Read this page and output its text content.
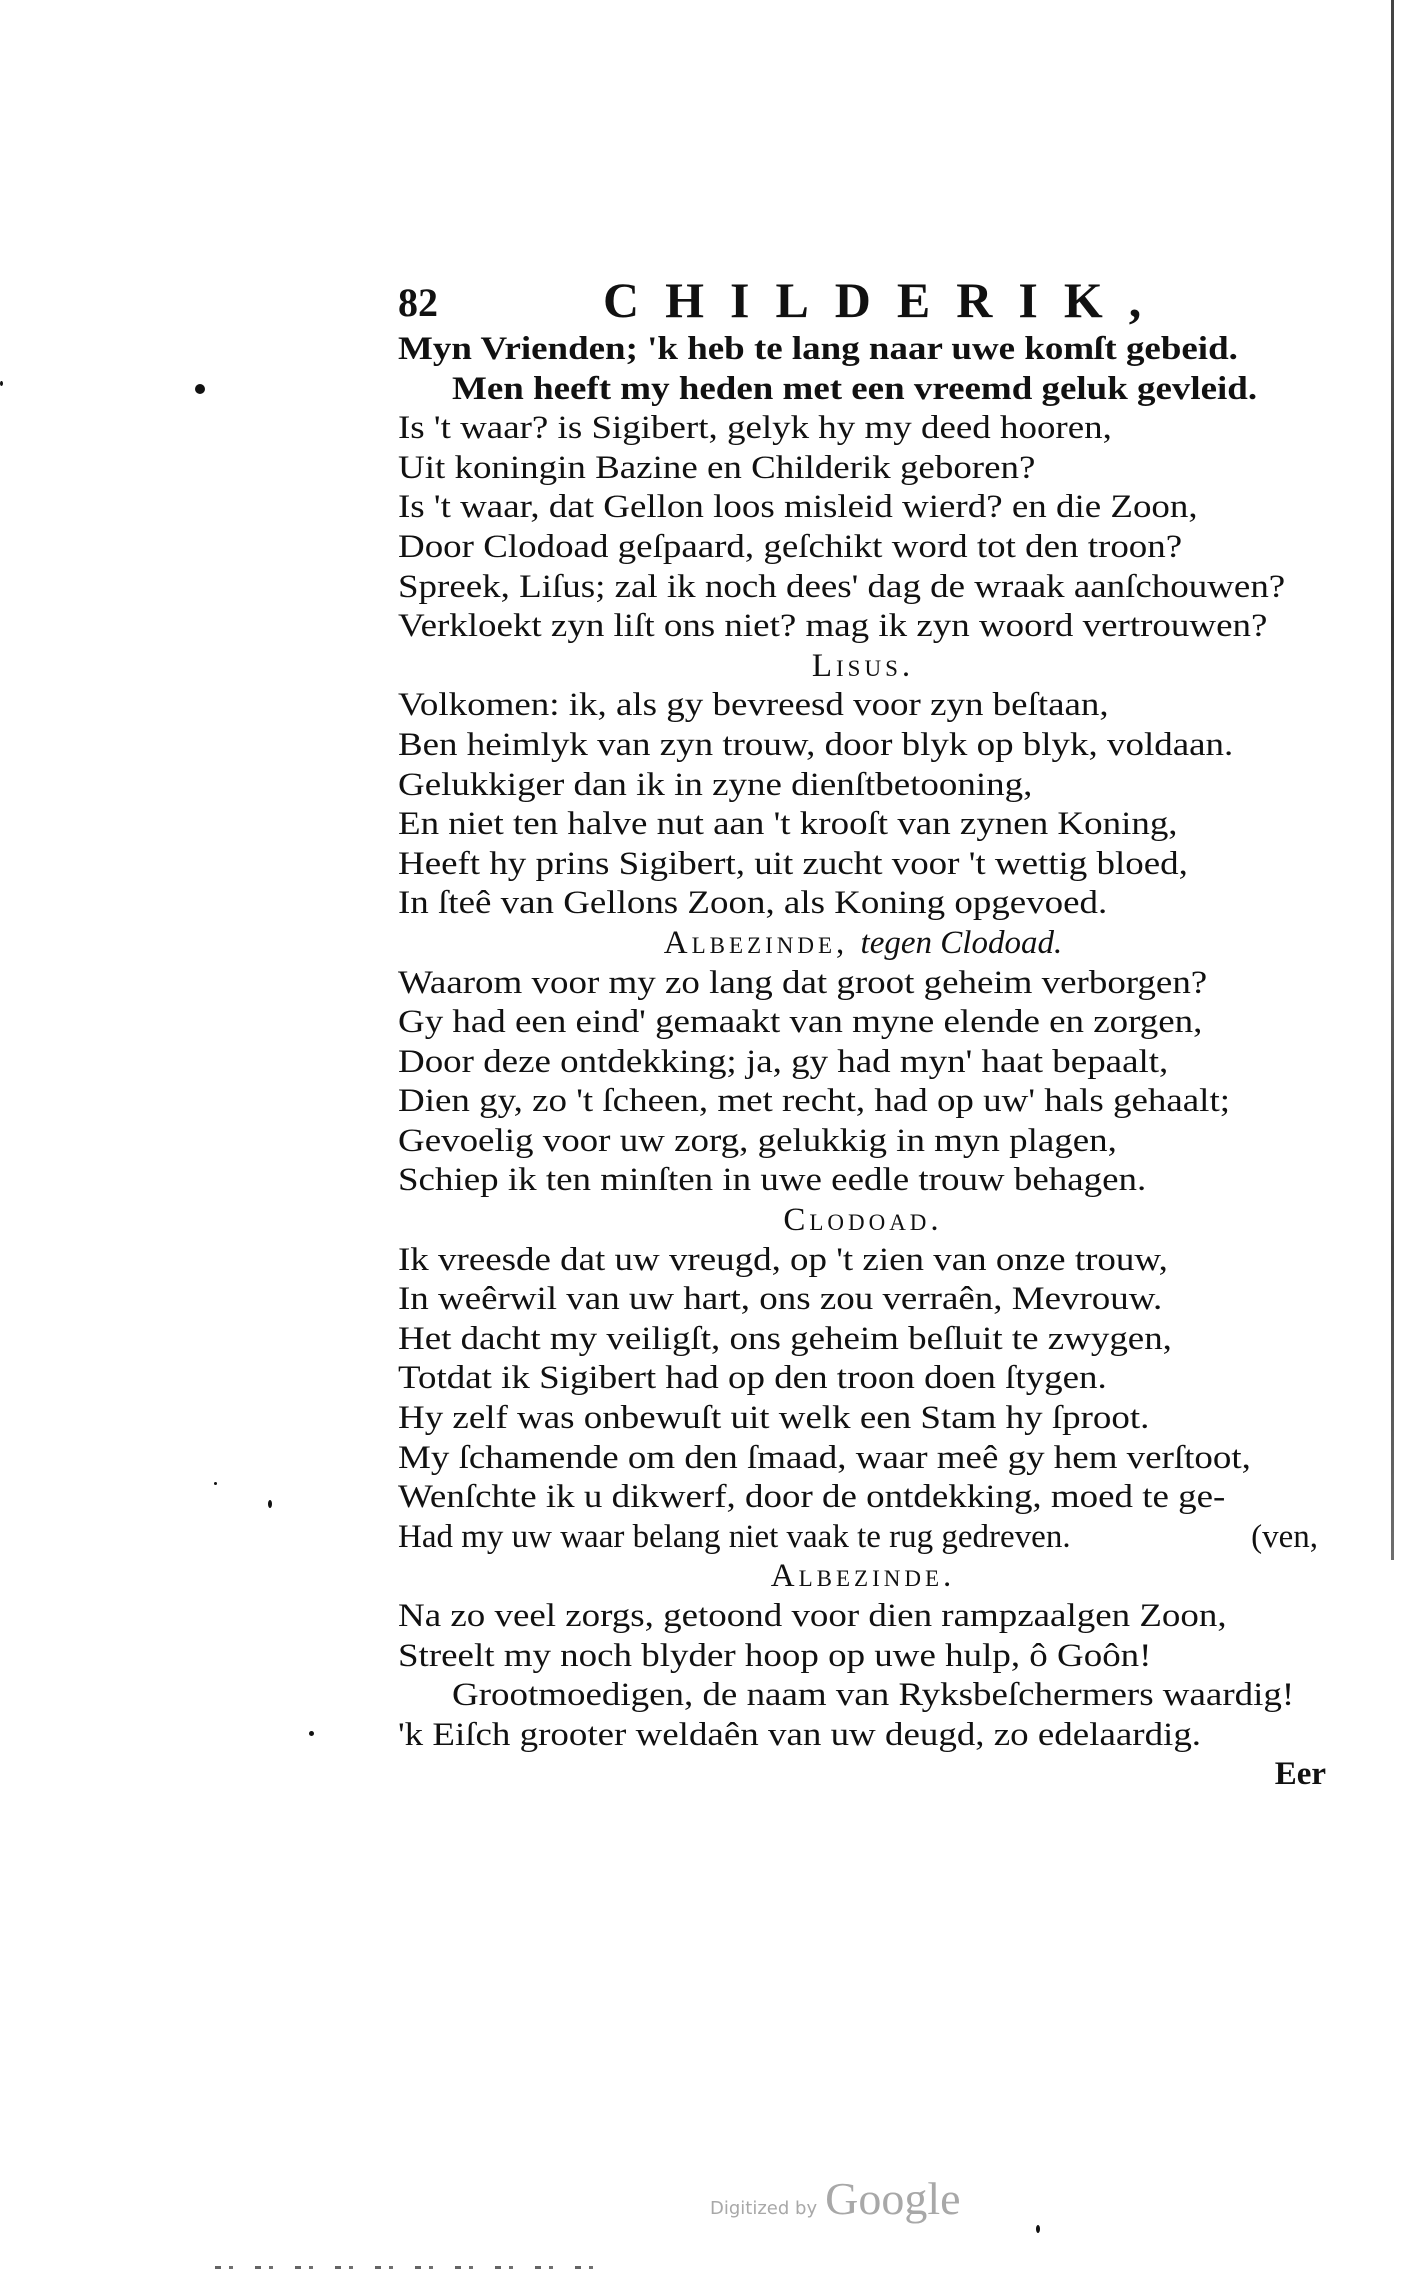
82	CHILDERIK,
Myn Vrienden; 'k heb te lang naar uwe komſt gebeid.
Men heeft my heden met een vreemd geluk gevleid.
Is 't waar? is Sigibert, gelyk hy my deed hooren,
Uit koningin Bazine en Childerik geboren?
Is 't waar, dat Gellon loos misleid wierd? en die Zoon,
Door Clodoad geſpaard, geſchikt word tot den troon?
Spreek, Liſus; zal ik noch dees' dag de wraak aanſchouwen?
Verkloekt zyn liſt ons niet? mag ik zyn woord vertrouwen?
Lisus.
Volkomen: ik, als gy bevreesd voor zyn beſtaan,
Ben heimlyk van zyn trouw, door blyk op blyk, voldaan.
Gelukkiger dan ik in zyne dienſtbetooning,
En niet ten halve nut aan 't krooſt van zynen Koning,
Heeft hy prins Sigibert, uit zucht voor 't wettig bloed,
In ſteê van Gellons Zoon, als Koning opgevoed.
Albezinde, tegen Clodoad.
Waarom voor my zo lang dat groot geheim verborgen?
Gy had een eind' gemaakt van myne elende en zorgen,
Door deze ontdekking; ja, gy had myn' haat bepaalt,
Dien gy, zo 't ſcheen, met recht, had op uw' hals gehaalt;
Gevoelig voor uw zorg, gelukkig in myn plagen,
Schiep ik ten minſten in uwe eedle trouw behagen.
Clodoad.
Ik vreesde dat uw vreugd, op 't zien van onze trouw,
In weêrwil van uw hart, ons zou verraên, Mevrouw.
Het dacht my veiligſt, ons geheim beſluit te zwygen,
Totdat ik Sigibert had op den troon doen ſtygen.
Hy zelf was onbewuſt uit welk een Stam hy ſproot.
My ſchamende om den ſmaad, waar meê gy hem verſtoot,
Wenſchte ik u dikwerf, door de ontdekking, moed te ge-
Had my uw waar belang niet vaak te rug gedreven.	(ven,
Albezinde.
Na zo veel zorgs, getoond voor dien rampzaalgen Zoon,
Streelt my noch blyder hoop op uwe hulp, ô Goôn!
Grootmoedigen, de naam van Ryksbeſchermers waardig!
'k Eiſch grooter weldaên van uw deugd, zo edelaardig.
Eer
Digitized by Google
